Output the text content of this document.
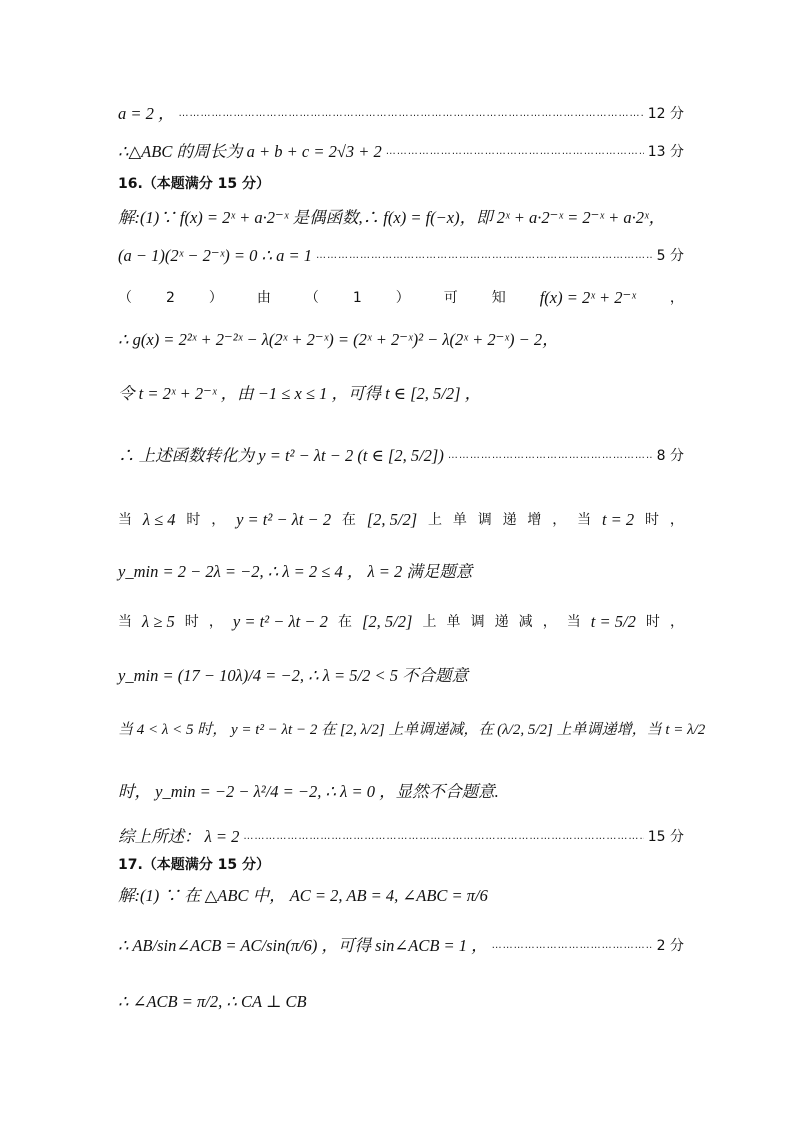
a = 2 ， …………………………………………………………………………………………………………………………………………………………………………………………	12 分
∴△ABC 的周长为 a + b + c = 2√3 + 2 …………………………………………………………………………………………………………………………………………………………………………………………	13 分
16.（本题满分 15 分）
解:(1)∵ f(x) = 2ˣ + a·2⁻ˣ 是偶函数,∴ f(x) = f(−x)，即 2ˣ + a·2⁻ˣ = 2⁻ˣ + a·2ˣ，
(a − 1)(2ˣ − 2⁻ˣ) = 0 ∴ a = 1 …………………………………………………………………………………………………………………………………………………………………………………………	5 分
（ 2 ） 由 （ 1 ） 可 知 f(x) = 2ˣ + 2⁻ˣ ，
∴ g(x) = 2²ˣ + 2⁻²ˣ − λ(2ˣ + 2⁻ˣ) = (2ˣ + 2⁻ˣ)² − λ(2ˣ + 2⁻ˣ) − 2，
令 t = 2ˣ + 2⁻ˣ ，由 −1 ≤ x ≤ 1 ，可得 t ∈ [2, 5/2] ，
∴ 上述函数转化为 y = t² − λt − 2 (t ∈ [2, 5/2]) …………………………………………………………………………………………………………………………………………………………………………………………	8 分
当 λ ≤ 4 时 ， y = t² − λt − 2 在 [2, 5/2] 上 单 调 递 增 ， 当 t = 2 时 ，
y_min = 2 − 2λ = −2, ∴ λ = 2 ≤ 4 ， λ = 2 满足题意
当 λ ≥ 5 时 ， y = t² − λt − 2 在 [2, 5/2] 上 单 调 递 减 ， 当 t = 5/2 时 ，
y_min = (17 − 10λ)/4 = −2, ∴ λ = 5/2 < 5 不合题意
当 4 < λ < 5 时， y = t² − λt − 2 在 [2, λ/2] 上单调递减，在 (λ/2, 5/2] 上单调递增，当 t = λ/2
时， y_min = −2 − λ²/4 = −2, ∴ λ = 0 ，显然不合题意.
综上所述： λ = 2 …………………………………………………………………………………………………………………………………………………………………………………………	15 分
17.（本题满分 15 分）
解:(1) ∵ 在 △ABC 中， AC = 2, AB = 4, ∠ABC = π/6
∴ AB/sin∠ACB = AC/sin(π/6) ，可得 sin∠ACB = 1 ， …………………………………………………………………………………………………………………………………………………………………………………………	2 分
∴ ∠ACB = π/2, ∴ CA ⊥ CB
